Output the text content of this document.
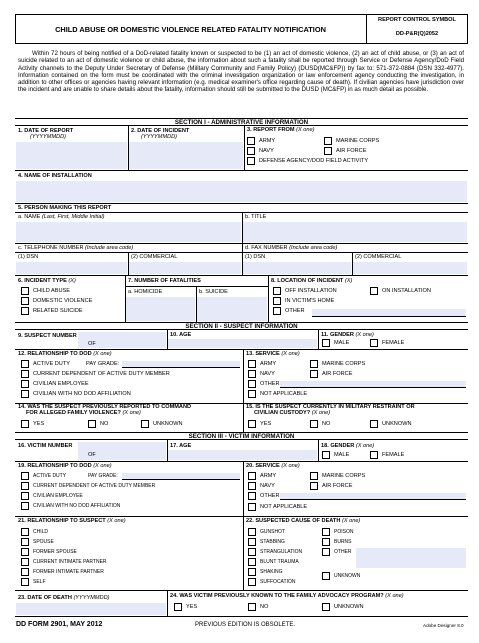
CHILD ABUSE OR DOMESTIC VIOLENCE RELATED FATALITY NOTIFICATION
REPORT CONTROL SYMBOL
DD-P&R(Q)2052
Within 72 hours of being notified of a DoD-related fatality known or suspected to be (1) an act of domestic violence, (2) an act of child abuse, or (3) an act of suicide related to an act of domestic violence or child abuse, the information about such a fatality shall be reported through Service or Defense Agency/DoD Field Activity channels to the Deputy Under Secretary of Defense (Military Community and Family Policy) (DUSD(MC&FP)) by fax to: 571-372-0884 (DSN 332-4977). Information contained on the form must be coordinated with the criminal investigation organization or law enforcement agency conducting the investigation, in addition to other offices or agencies having relevant information (e.g. medical examiner's office regarding cause of death). If civilian agencies have jurisdiction over the incident and are unable to share details about the fatality, information should still be submitted to the DUSD (MC&FP) in as much detail as possible.
SECTION I - ADMINISTRATIVE INFORMATION
1. DATE OF REPORT
(YYYYMMDD)
2. DATE OF INCIDENT
(YYYYMMDD)
3. REPORT FROM (X one)
ARMY	MARINE CORPS
NAVY	AIR FORCE
DEFENSE AGENCY/DOD FIELD ACTIVITY
4. NAME OF INSTALLATION
5. PERSON MAKING THIS REPORT
a. NAME (Last, First, Middle Initial)	b. TITLE
c. TELEPHONE NUMBER (Include area code)	d. FAX NUMBER (Include area code)
(1) DSN	(2) COMMERCIAL	(1) DSN	(2) COMMERCIAL
6. INCIDENT TYPE (X)
CHILD ABUSE
DOMESTIC VIOLENCE
RELATED SUICIDE
7. NUMBER OF FATALITIES
a. HOMICIDE	b. SUICIDE
8. LOCATION OF INCIDENT (X)
OFF INSTALLATION	ON INSTALLATION
IN VICTIM'S HOME
OTHER
SECTION II - SUSPECT INFORMATION
9. SUSPECT NUMBER
OF
10. AGE	11. GENDER (X one)
MALE	FEMALE
12. RELATIONSHIP TO DOD (X one)
ACTIVE DUTY	PAY GRADE:
CURRENT DEPENDENT OF ACTIVE DUTY MEMBER
CIVILIAN EMPLOYEE
CIVILIAN WITH NO DOD AFFILIATION
13. SERVICE (X one)
ARMY	MARINE CORPS
NAVY	AIR FORCE
OTHER
NOT APPLICABLE
14. WAS THE SUSPECT PREVIOUSLY REPORTED TO COMMAND
FOR ALLEGED FAMILY VIOLENCE? (X one)
YES	NO	UNKNOWN
15. IS THE SUSPECT CURRENTLY IN MILITARY RESTRAINT OR
CIVILIAN CUSTODY? (X one)
YES	NO	UNKNOWN
SECTION III - VICTIM INFORMATION
16. VICTIM NUMBER
OF
17. AGE	18. GENDER (X one)
MALE	FEMALE
19. RELATIONSHIP TO DOD (X one)
ACTIVE DUTY	PAY GRADE:
CURRENT DEPENDENT OF ACTIVE DUTY MEMBER
CIVILIAN EMPLOYEE
CIVILIAN WITH NO DOD AFFILIATION
20. SERVICE (X one)
ARMY	MARINE CORPS
NAVY	AIR FORCE
OTHER
NOT APPLICABLE
21. RELATIONSHIP TO SUSPECT (X one)
CHILD
SPOUSE
FORMER SPOUSE
CURRENT INTIMATE PARTNER
FORMER INTIMATE PARTNER
SELF
22. SUSPECTED CAUSE OF DEATH (X one)
GUNSHOT
STABBING
STRANGULATION
BLUNT TRAUMA
SHAKING
SUFFOCATION
POISON
BURNS
OTHER
UNKNOWN
23. DATE OF DEATH (YYYYMMDD)	24. WAS VICTIM PREVIOUSLY KNOWN TO THE FAMILY ADVOCACY PROGRAM? (X one)
YES	NO	UNKNOWN
DD FORM 2901, MAY 2012	PREVIOUS EDITION IS OBSOLETE.	Adobe Designer 8.0
